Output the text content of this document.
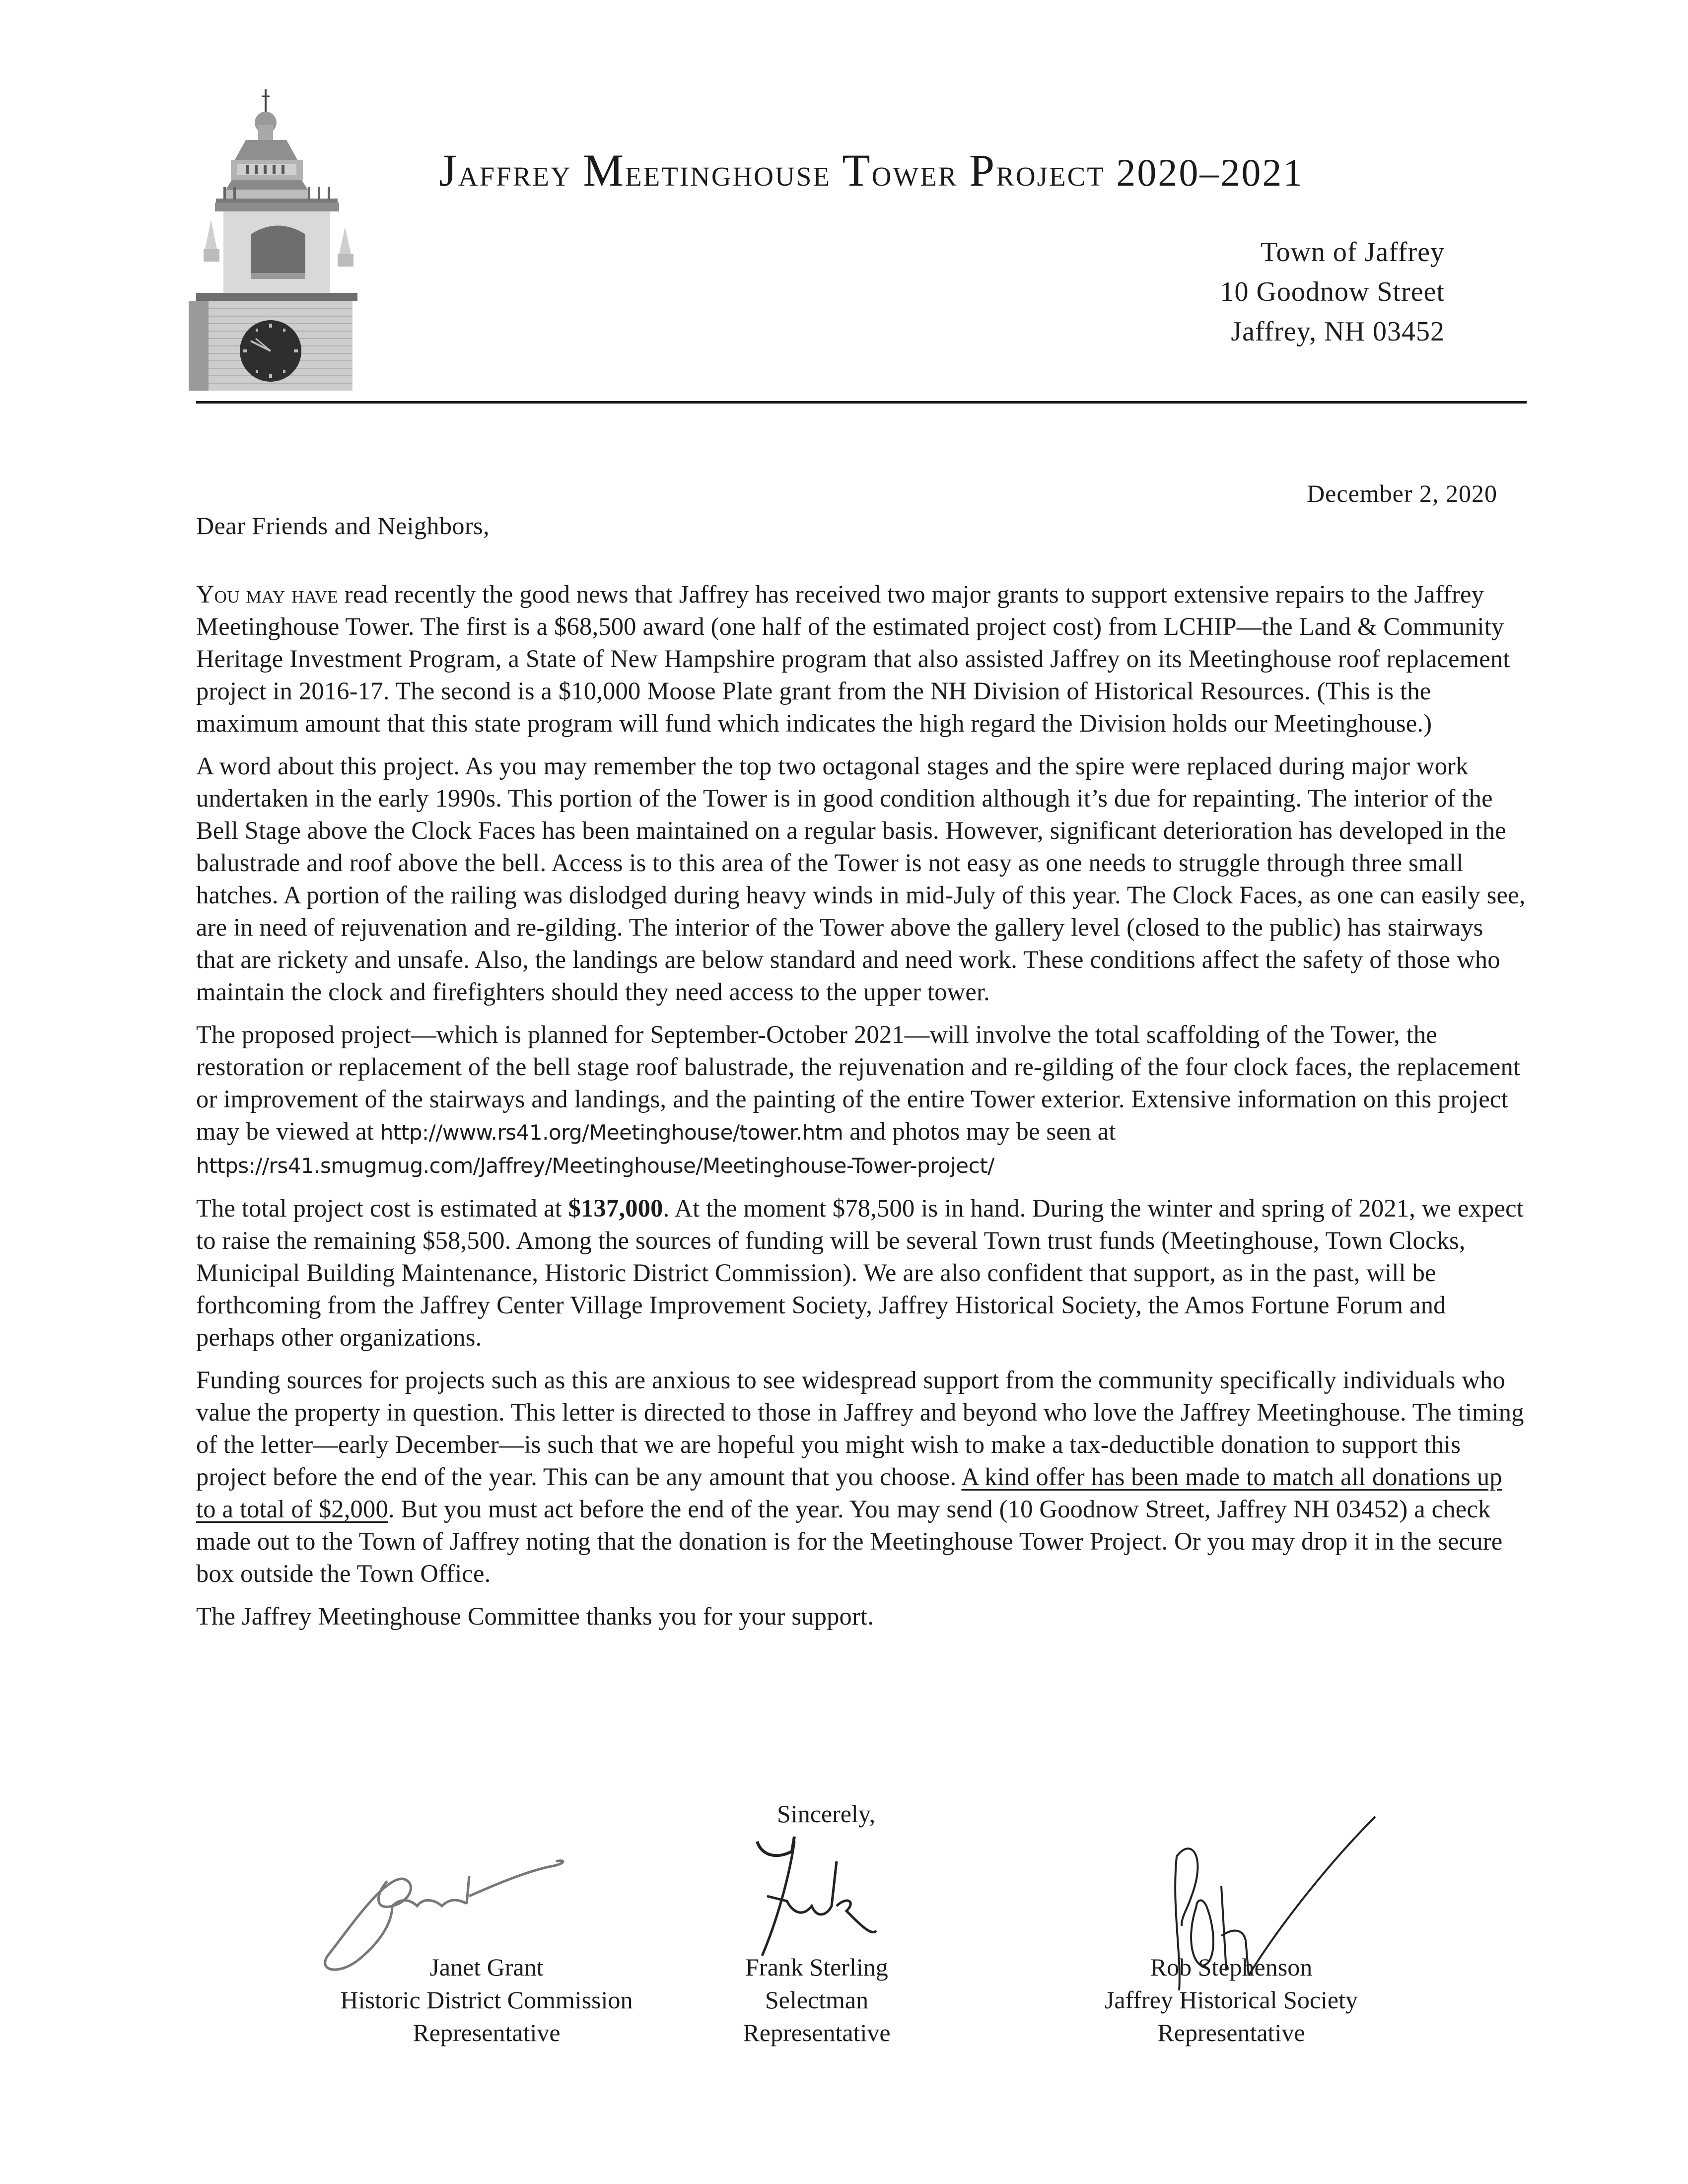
Jaffrey Meetinghouse Tower Project 2020–2021
Town of Jaffrey
10 Goodnow Street
Jaffrey, NH 03452
December 2, 2020
Dear Friends and Neighbors,

You may have read recently the good news that Jaffrey has received two major grants to support extensive repairs to the Jaffrey Meetinghouse Tower. The first is a $68,500 award (one half of the estimated project cost) from LCHIP—the Land & Community Heritage Investment Program, a State of New Hampshire program that also assisted Jaffrey on its Meetinghouse roof replacement project in 2016-17. The second is a $10,000 Moose Plate grant from the NH Division of Historical Resources. (This is the maximum amount that this state program will fund which indicates the high regard the Division holds our Meetinghouse.)

A word about this project. As you may remember the top two octagonal stages and the spire were replaced during major work undertaken in the early 1990s. This portion of the Tower is in good condition although it’s due for repainting. The interior of the Bell Stage above the Clock Faces has been maintained on a regular basis. However, significant deterioration has developed in the balustrade and roof above the bell. Access is to this area of the Tower is not easy as one needs to struggle through three small hatches. A portion of the railing was dislodged during heavy winds in mid-July of this year. The Clock Faces, as one can easily see, are in need of rejuvenation and re-gilding. The interior of the Tower above the gallery level (closed to the public) has stairways that are rickety and unsafe. Also, the landings are below standard and need work. These conditions affect the safety of those who maintain the clock and firefighters should they need access to the upper tower.

The proposed project—which is planned for September-October 2021—will involve the total scaffolding of the Tower, the restoration or replacement of the bell stage roof balustrade, the rejuvenation and re-gilding of the four clock faces, the replacement or improvement of the stairways and landings, and the painting of the entire Tower exterior. Extensive information on this project may be viewed at http://www.rs41.org/Meetinghouse/tower.htm and photos may be seen at https://rs41.smugmug.com/Jaffrey/Meetinghouse/Meetinghouse-Tower-project/

The total project cost is estimated at $137,000. At the moment $78,500 is in hand. During the winter and spring of 2021, we expect to raise the remaining $58,500. Among the sources of funding will be several Town trust funds (Meetinghouse, Town Clocks, Municipal Building Maintenance, Historic District Commission). We are also confident that support, as in the past, will be forthcoming from the Jaffrey Center Village Improvement Society, Jaffrey Historical Society, the Amos Fortune Forum and perhaps other organizations.

Funding sources for projects such as this are anxious to see widespread support from the community specifically individuals who value the property in question. This letter is directed to those in Jaffrey and beyond who love the Jaffrey Meetinghouse. The timing of the letter—early December—is such that we are hopeful you might wish to make a tax-deductible donation to support this project before the end of the year. This can be any amount that you choose. A kind offer has been made to match all donations up to a total of $2,000. But you must act before the end of the year. You may send (10 Goodnow Street, Jaffrey NH 03452) a check made out to the Town of Jaffrey noting that the donation is for the Meetinghouse Tower Project. Or you may drop it in the secure box outside the Town Office.

The Jaffrey Meetinghouse Committee thanks you for your support.

Sincerely,
Janet Grant
Historic District Commission
Representative
Frank Sterling
Selectman
Representative
Rob Stephenson
Jaffrey Historical Society
Representative
